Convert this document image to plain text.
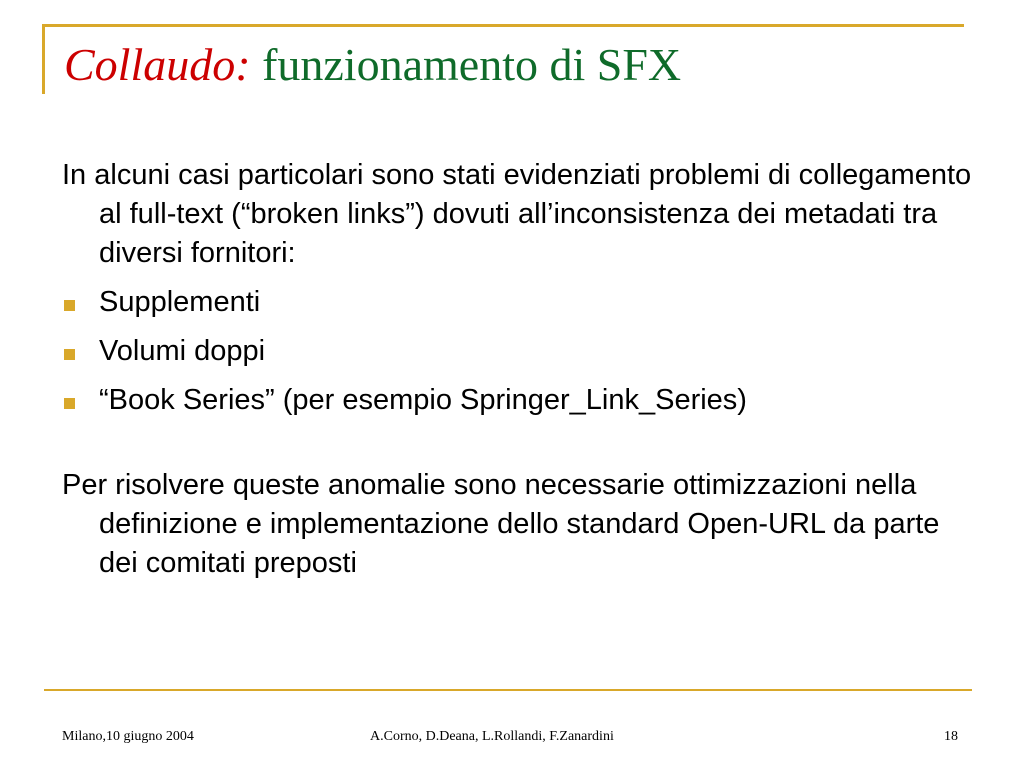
Collaudo: funzionamento di SFX

In alcuni casi particolari sono stati evidenziati problemi di collegamento al full-text (“broken links”) dovuti all’inconsistenza dei metadati tra diversi fornitori:

Supplementi
Volumi doppi
“Book Series” (per esempio Springer_Link_Series)

Per risolvere queste anomalie sono necessarie ottimizzazioni nella definizione e implementazione dello standard Open-URL da parte dei comitati preposti

Milano,10 giugno 2004	A.Corno, D.Deana, L.Rollandi, F.Zanardini	18
